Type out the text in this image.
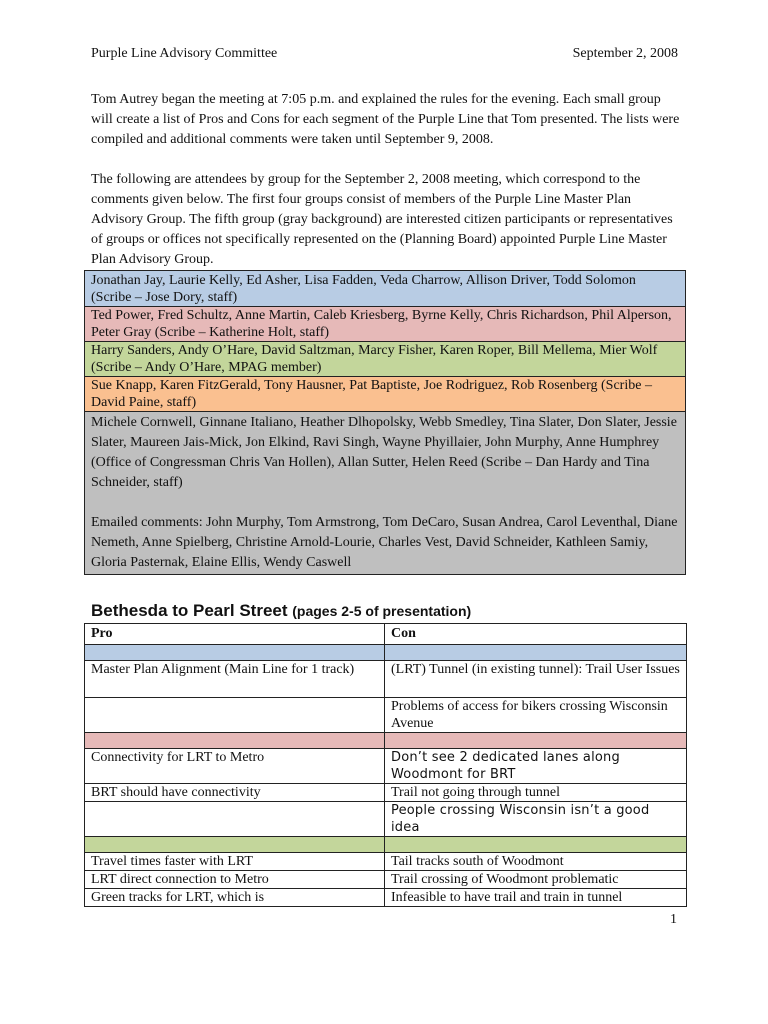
Purple Line Advisory Committee	September 2, 2008

Tom Autrey began the meeting at 7:05 p.m. and explained the rules for the evening. Each small group will create a list of Pros and Cons for each segment of the Purple Line that Tom presented. The lists were compiled and additional comments were taken until September 9, 2008.

The following are attendees by group for the September 2, 2008 meeting, which correspond to the comments given below. The first four groups consist of members of the Purple Line Master Plan Advisory Group. The fifth group (gray background) are interested citizen participants or representatives of groups or offices not specifically represented on the (Planning Board) appointed Purple Line Master Plan Advisory Group.

Jonathan Jay, Laurie Kelly, Ed Asher, Lisa Fadden, Veda Charrow, Allison Driver, Todd Solomon (Scribe – Jose Dory, staff)
Ted Power, Fred Schultz, Anne Martin, Caleb Kriesberg, Byrne Kelly, Chris Richardson, Phil Alperson, Peter Gray (Scribe – Katherine Holt, staff)
Harry Sanders, Andy O’Hare, David Saltzman, Marcy Fisher, Karen Roper, Bill Mellema, Mier Wolf (Scribe – Andy O’Hare, MPAG member)
Sue Knapp, Karen FitzGerald, Tony Hausner, Pat Baptiste, Joe Rodriguez, Rob Rosenberg (Scribe – David Paine, staff)
Michele Cornwell, Ginnane Italiano, Heather Dlhopolsky, Webb Smedley, Tina Slater, Don Slater, Jessie Slater, Maureen Jais-Mick, Jon Elkind, Ravi Singh, Wayne Phyillaier, John Murphy, Anne Humphrey (Office of Congressman Chris Van Hollen), Allan Sutter, Helen Reed (Scribe – Dan Hardy and Tina Schneider, staff)
Emailed comments: John Murphy, Tom Armstrong, Tom DeCaro, Susan Andrea, Carol Leventhal, Diane Nemeth, Anne Spielberg, Christine Arnold-Lourie, Charles Vest, David Schneider, Kathleen Samiy, Gloria Pasternak, Elaine Ellis, Wendy Caswell
Bethesda to Pearl Street (pages 2-5 of presentation)
Pro	Con

Master Plan Alignment (Main Line for 1 track)	(LRT) Tunnel (in existing tunnel): Trail User Issues
	Problems of access for bikers crossing Wisconsin Avenue

Connectivity for LRT to Metro	Don’t see 2 dedicated lanes along Woodmont for BRT
BRT should have connectivity	Trail not going through tunnel
	People crossing Wisconsin isn’t a good idea

Travel times faster with LRT	Tail tracks south of Woodmont
LRT direct connection to Metro	Trail crossing of Woodmont problematic
Green tracks for LRT, which is	Infeasible to have trail and train in tunnel
1
